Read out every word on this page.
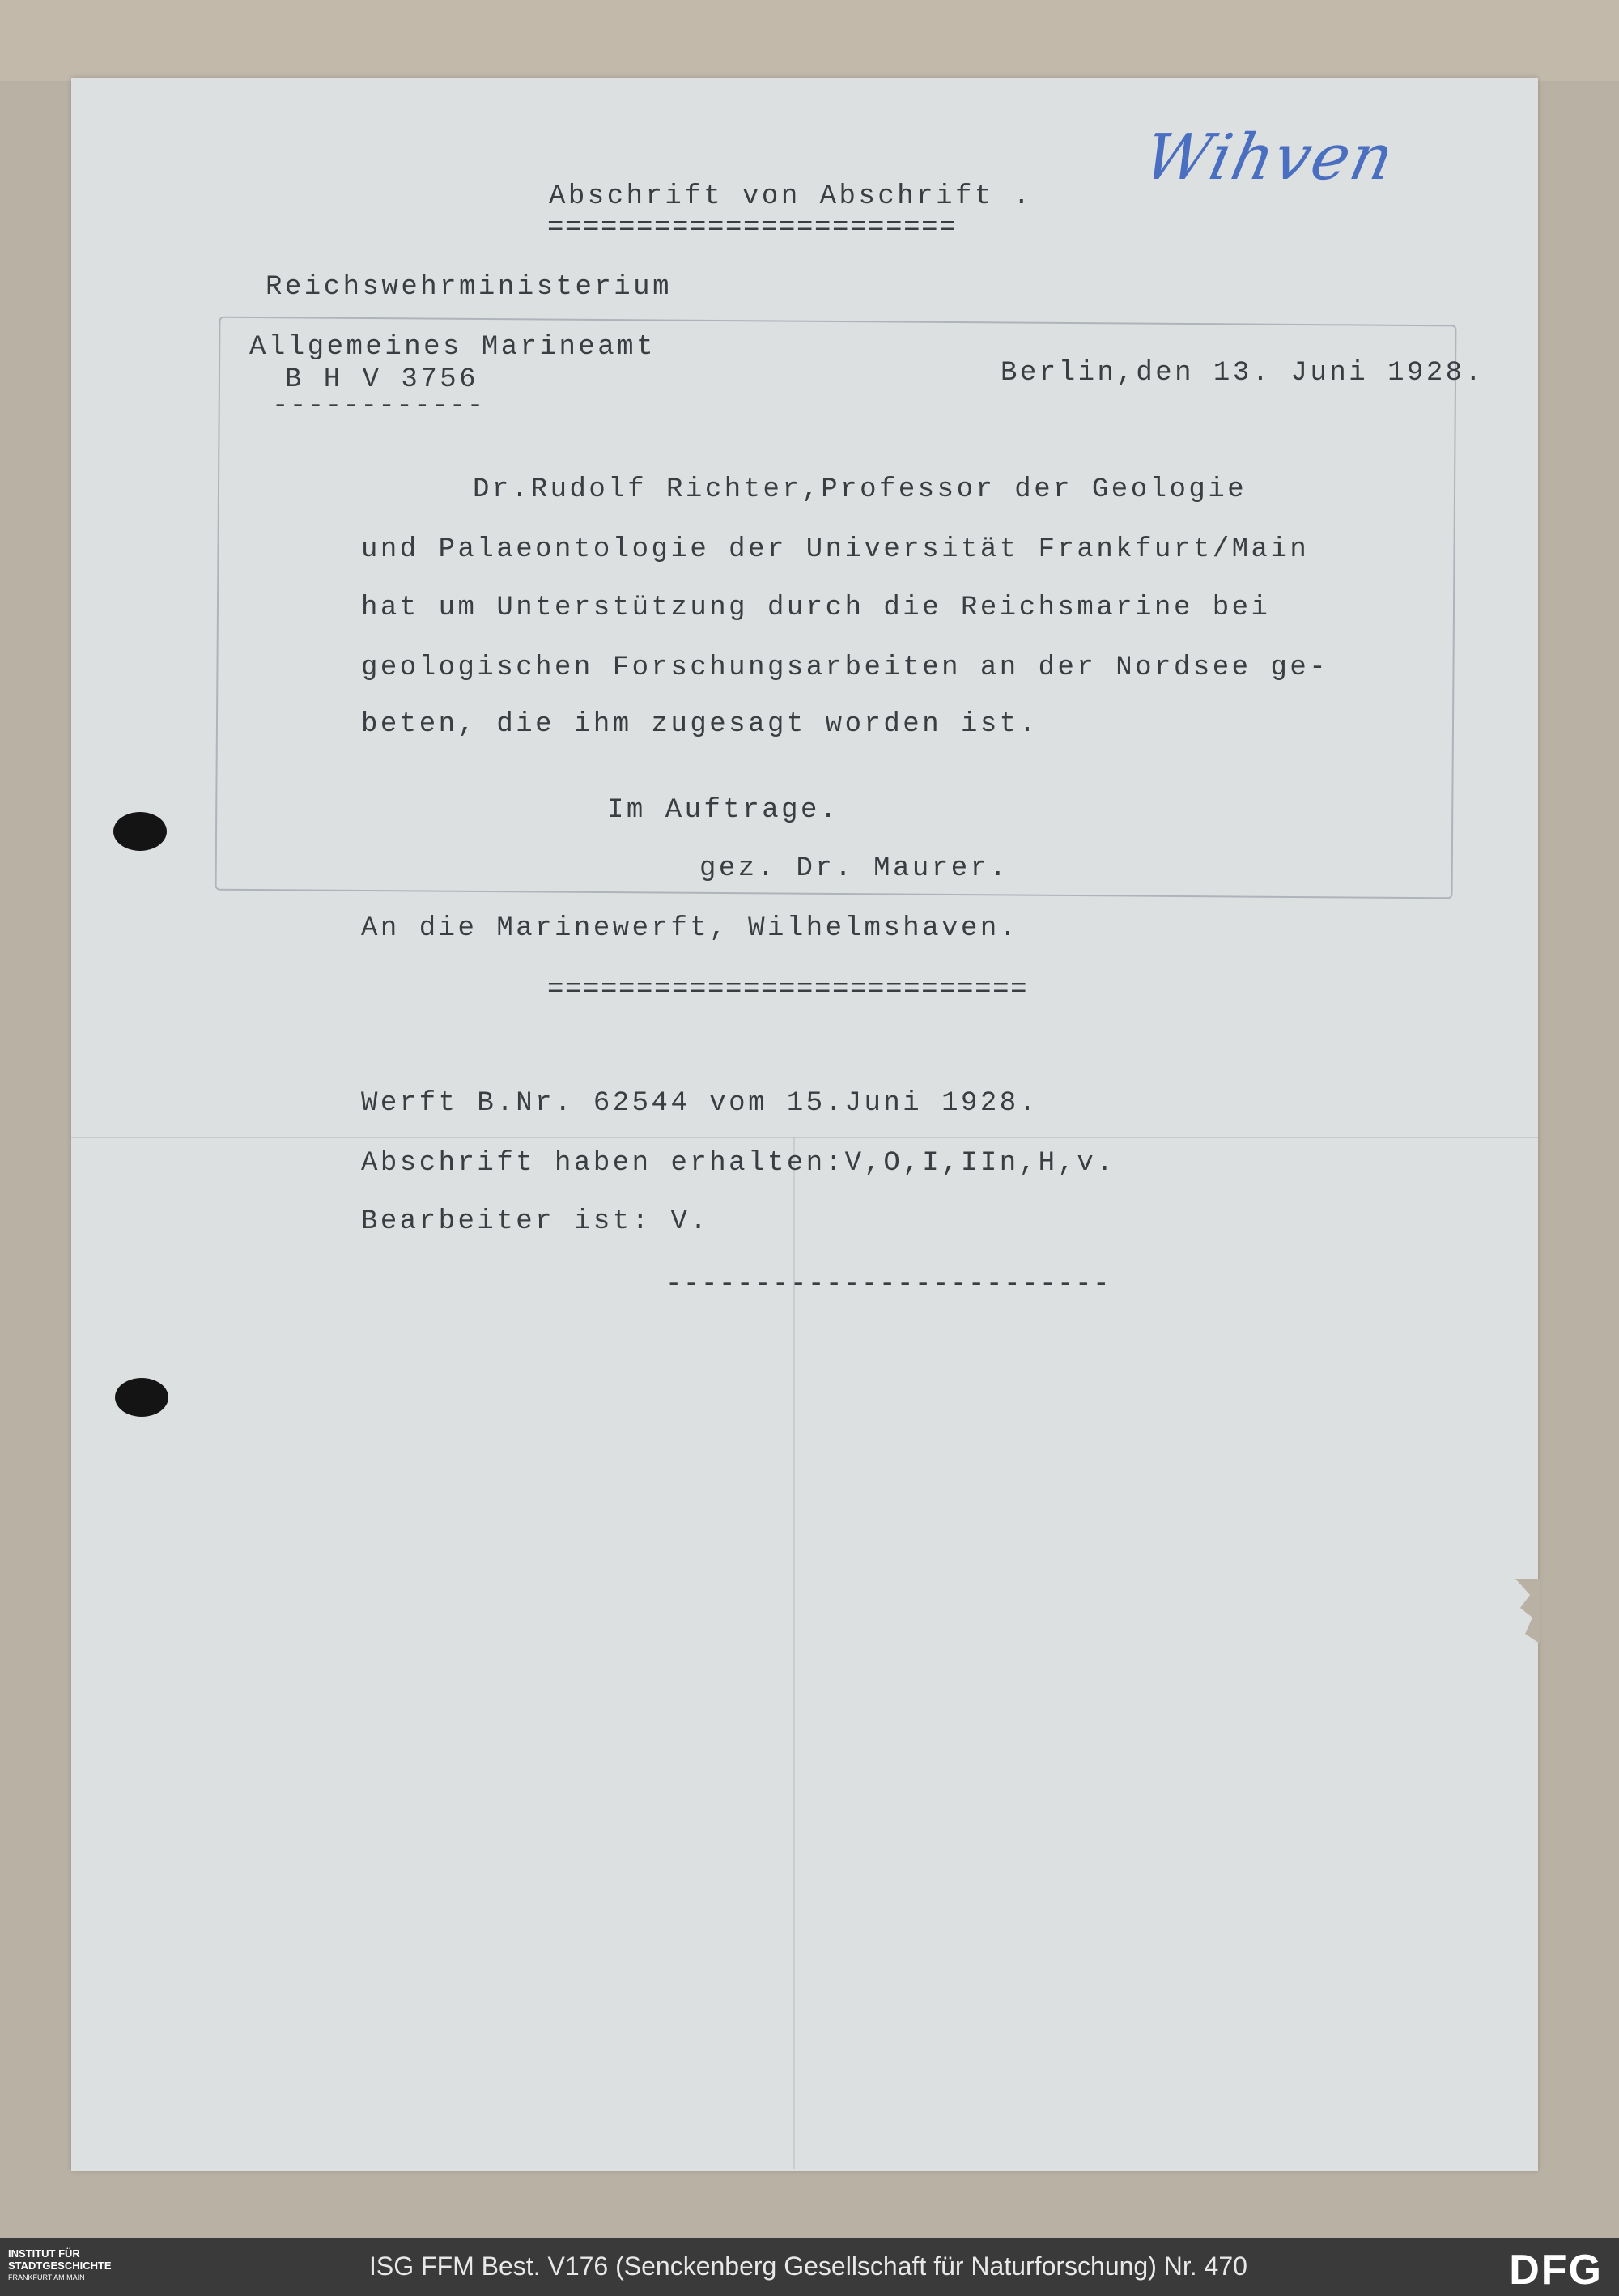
Wihven
Abschrift von Abschrift .
=======================
Reichswehrministerium
Allgemeines Marineamt
B H V 3756
------------
Berlin,den 13. Juni 1928.
Dr.Rudolf Richter,Professor der Geologie
und Palaeontologie der Universität Frankfurt/Main
hat um Unterstützung durch die Reichsmarine bei
geologischen Forschungsarbeiten an der Nordsee ge-
beten, die ihm zugesagt worden ist.
Im Auftrage.
gez. Dr. Maurer.
An die Marinewerft, Wilhelmshaven.
===========================
Werft B.Nr. 62544 vom 15.Juni 1928.
Abschrift haben erhalten:V,O,I,IIn,H,v.
Bearbeiter ist: V.
-------------------------
INSTITUT FÜR
STADTGESCHICHTE
FRANKFURT AM MAIN	ISG FFM Best. V176 (Senckenberg Gesellschaft für Naturforschung) Nr. 470	DFG
